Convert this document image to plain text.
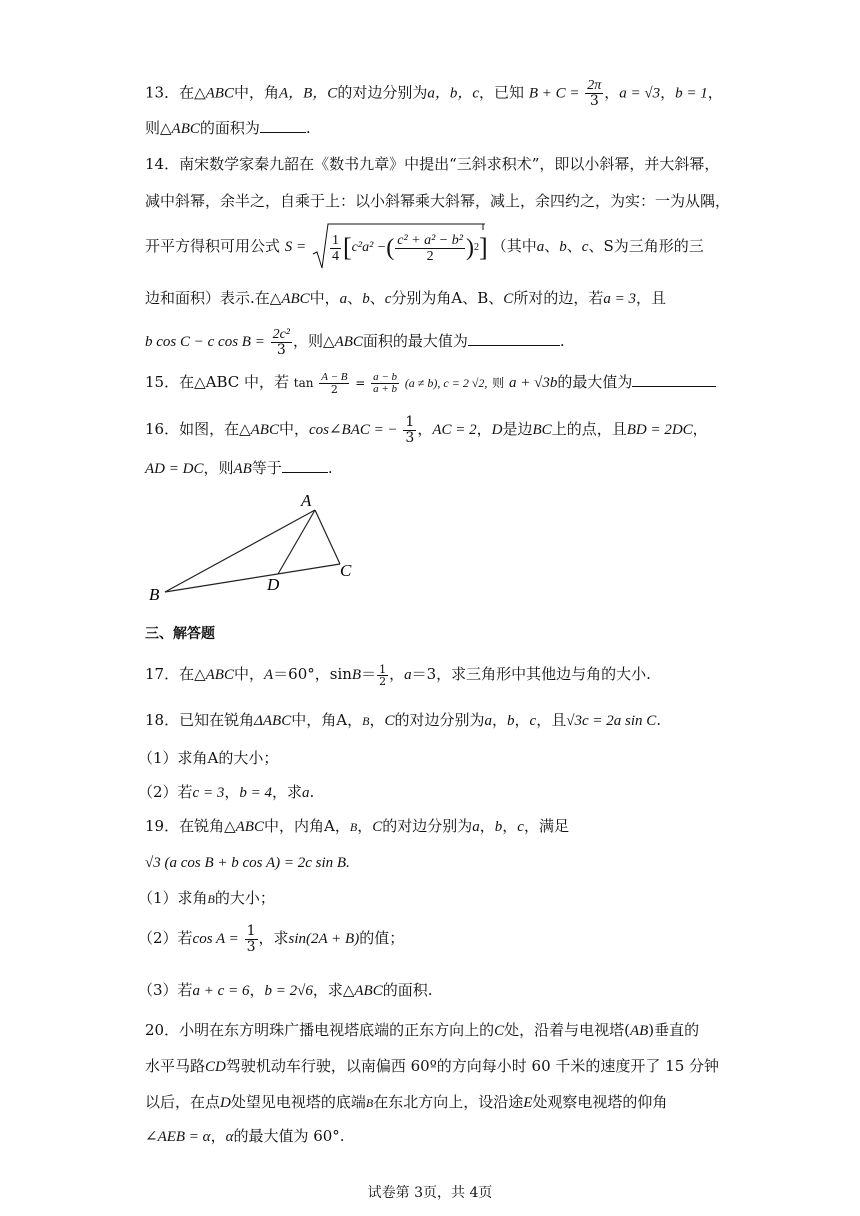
13．在△ABC中，角A，B，C的对边分别为a，b，c，已知 $B + C = \frac{2\pi}{3}$ ，a = √3，b = 1，
则△ABC的面积为	.
14．南宋数学家秦九韶在《数书九章》中提出“三斜求积术”，即以小斜幂，并大斜幂，
减中斜幂，余半之，自乘于上：以小斜幂乘大斜幂，减上，余四约之，为实：一为从隅，
开平方得积可用公式 $S = \frac{1}{4}$ [ c²a² − ( $\frac{\text{c² + a² − b²}}{2}$ ) 2 ] （其中a、b、c、S为三角形的三
边和面积）表示.在△ABC中，a、b、c分别为角A、B、C所对的边，若a = 3，且
b cos C − c $\cos B = \frac{\text{2c²}}{3}$ ，则△ABC面积的最大值为	.
15．在△ABC 中，若 $\tan \frac{A - B}{2} = \frac{a - b}{a + b} (a \ne b)$, c = 2 √2, 则 a + √3b的最大值为
16．如图，在△ABC中，cos∠BAC = − $\frac{1}{3}$ ，AC = 2，D是边BC上的点，且BD = 2DC，
AD = DC，则AB等于	.
A
B
C
D
三、解答题
17．在△ABC中，A＝60°，$\sin B= \frac{1}{2}$ ，a＝3，求三角形中其他边与角的大小.
18．已知在锐角ΔABC中，角A，B，C的对边分别为a，b，c，且√3c = 2a sin C.
（1）求角A的大小；
（2）若c = 3，b = 4，求a.
19．在锐角△ABC中，内角A，B，C的对边分别为a，b，c，满足
√3 (a cos B + b cos A) = 2c sin B.
（1）求角B的大小；
（2）若$\cos A = \frac{1}{3}$ ，求sin(2A + B)的值；
（3）若a + c = 6，b = 2√6，求△ABC的面积.
20．小明在东方明珠广播电视塔底端的正东方向上的C处，沿着与电视塔(AB)垂直的
水平马路CD驾驶机动车行驶，以南偏西 60º的方向每小时 60 千米的速度开了 15 分钟
以后，在点D处望见电视塔的底端B在东北方向上，设沿途E处观察电视塔的仰角
∠AEB = α，α的最大值为 60°.
试卷第 3页，共 4页
